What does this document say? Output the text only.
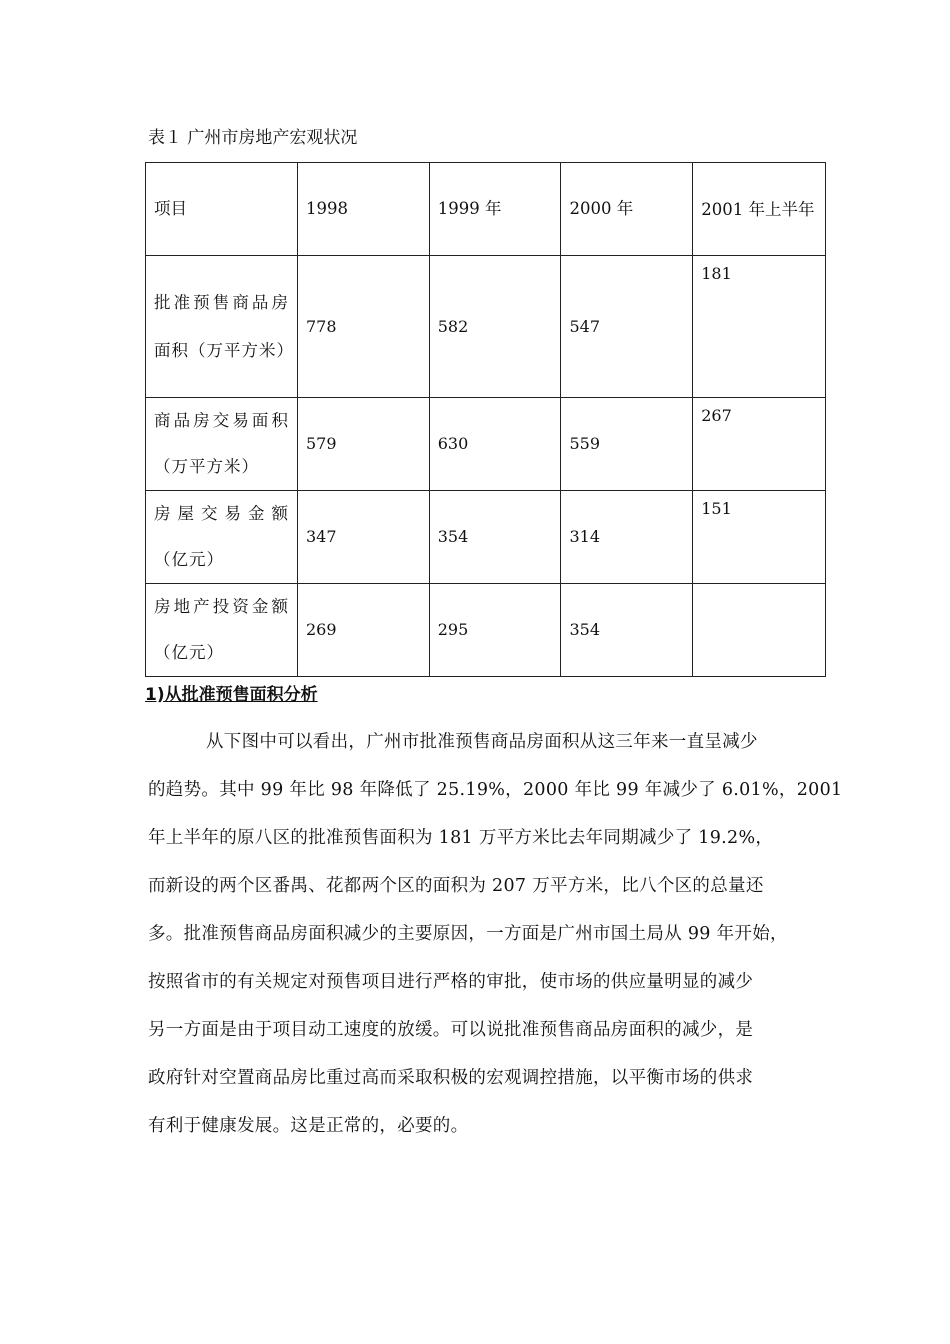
表１ 广州市房地产宏观状况
项目	1998	1999 年	2000 年	2001 年上半年
批准预售商品房面积（万平方米）	778	582	547	181
商品房交易面积（万平方米）	579	630	559	267
房屋交易金额（亿元）	347	354	314	151
房地产投资金额（亿元）	269	295	354	
1)从批准预售面积分析
从下图中可以看出，广州市批准预售商品房面积从这三年来一直呈减少
的趋势。其中 99 年比 98 年降低了 25.19%，2000 年比 99 年减少了 6.01%，2001
年上半年的原八区的批准预售面积为 181 万平方米比去年同期减少了 19.2%，
而新设的两个区番禺、花都两个区的面积为 207 万平方米，比八个区的总量还
多。批准预售商品房面积减少的主要原因，一方面是广州市国土局从 99 年开始，
按照省市的有关规定对预售项目进行严格的审批，使市场的供应量明显的减少
另一方面是由于项目动工速度的放缓。可以说批准预售商品房面积的减少，是
政府针对空置商品房比重过高而采取积极的宏观调控措施，以平衡市场的供求
有利于健康发展。这是正常的，必要的。
